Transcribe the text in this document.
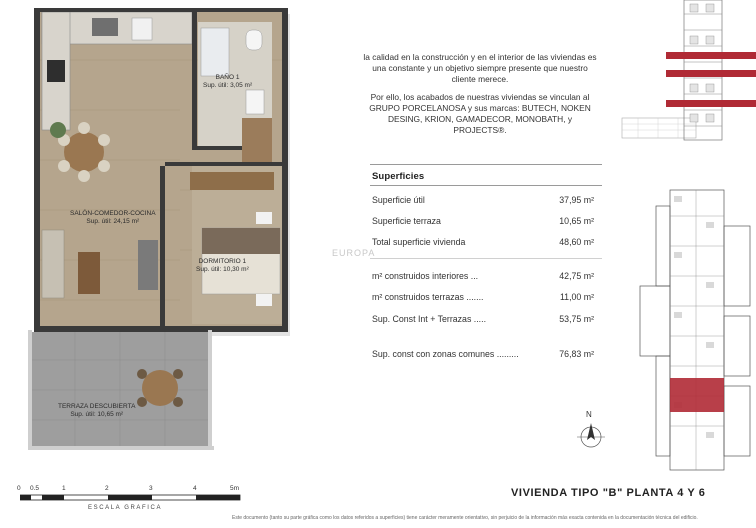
BAÑO 1
Sup. útil: 3,05 m²
SALÓN-COMEDOR-COCINA
Sup. útil: 24,15 m²
DORMITORIO 1
Sup. útil: 10,30 m²
TERRAZA DESCUBIERTA
Sup. útil: 10,65 m²
EUROPA

la calidad en la construcción y en el interior de las viviendas es una constante y un objetivo siempre presente que nuestro cliente merece.

Por ello, los acabados de nuestras viviendas se vinculan al GRUPO PORCELANOSA y sus marcas: BUTECH, NOKEN DESING, KRION, GAMADECOR, MONOBATH, y PROJECTS®.

Superficies
Superficie útil	37,95 m²
Superficie terraza	10,65 m²
Total superficie vivienda	48,60 m²
m² construidos interiores ...	42,75 m²
m² construidos terrazas .......	11,00 m²
Sup. Const Int + Terrazas .....	53,75 m²
Sup. const con zonas comunes .........	76,83 m²
N
0 0.5	1	2	3	4	5m
ESCALA GRAFICA
VIVIENDA TIPO "B" PLANTA 4 Y 6
Este documento (tanto su parte gráfica como los datos referidos a superficies) tiene carácter meramente orientativo, sin perjuicio de la información más exacta contenida en la documentación técnica del edificio.
